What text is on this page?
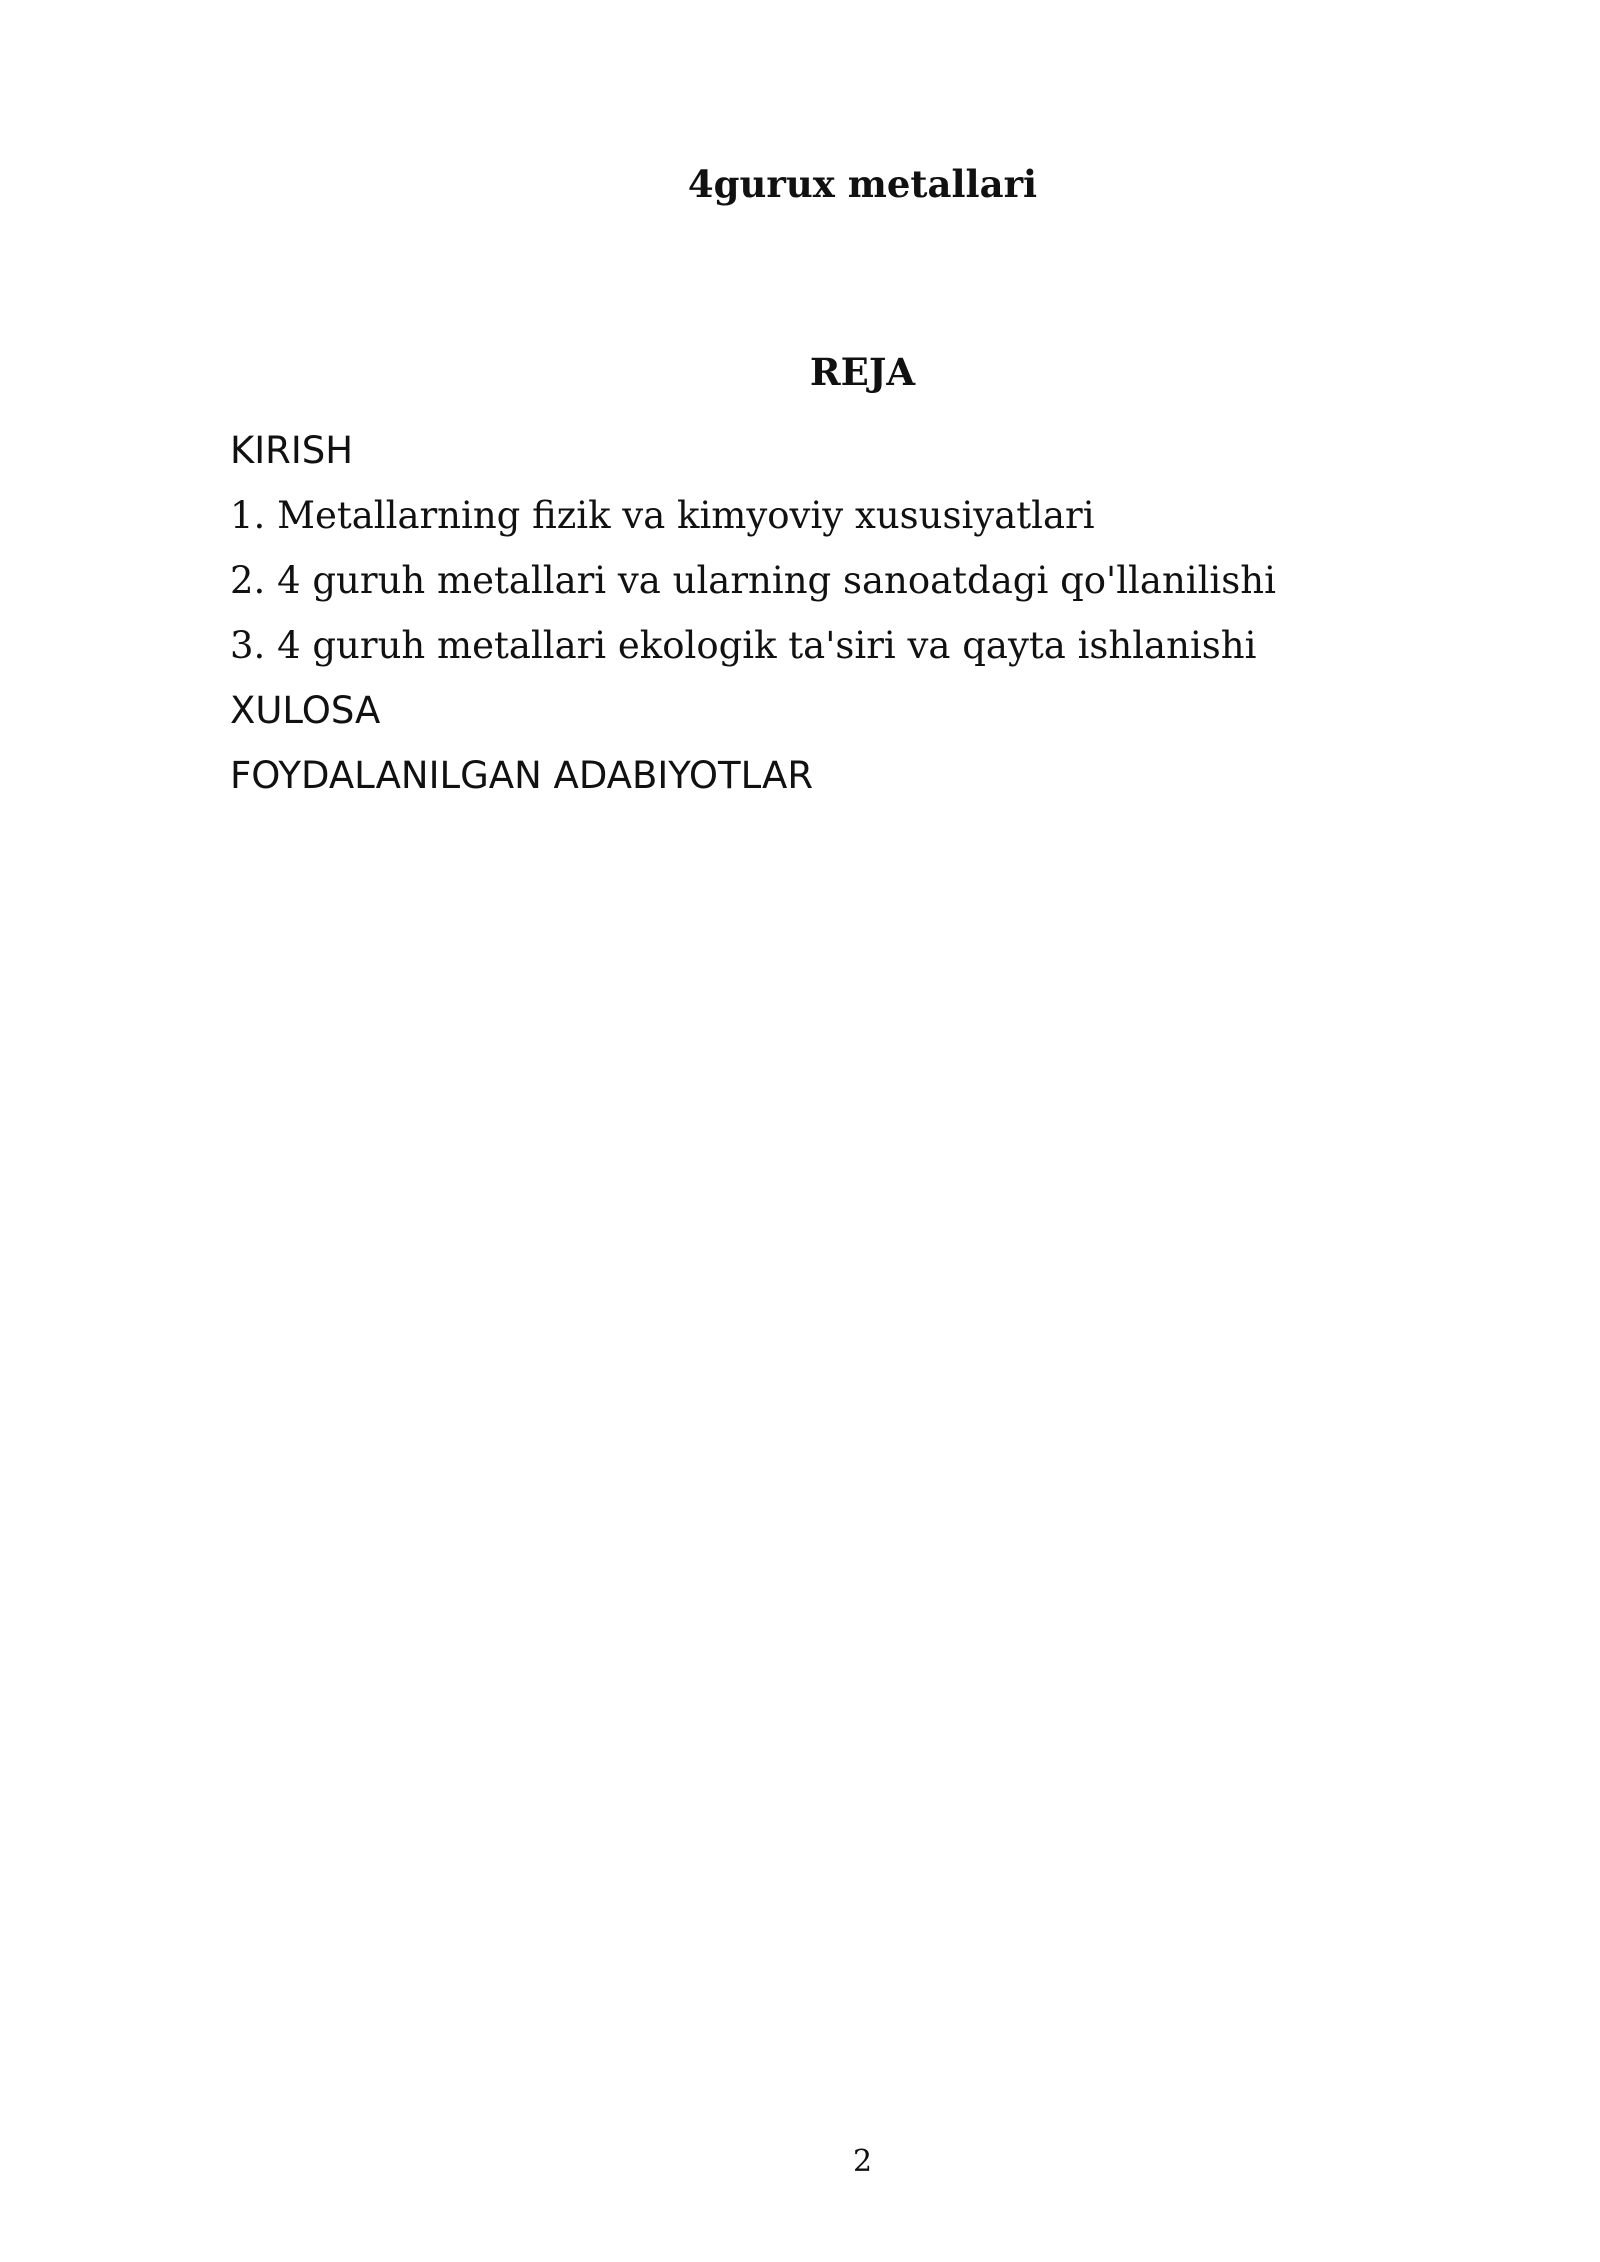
4gurux metallari
REJA
KIRISH
1. Metallarning fizik va kimyoviy xususiyatlari
2. 4 guruh metallari va ularning sanoatdagi qo'llanilishi
3. 4 guruh metallari ekologik ta'siri va qayta ishlanishi
XULOSA
FOYDALANILGAN ADABIYOTLAR
2
